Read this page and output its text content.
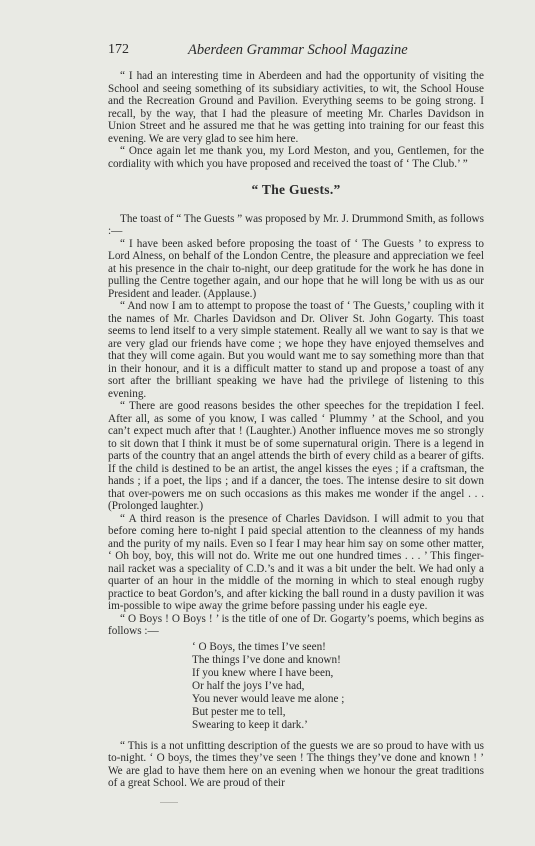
172	Aberdeen Grammar School Magazine

“ I had an interesting time in Aberdeen and had the opportunity of visiting the School and seeing something of its subsidiary activities, to wit, the School House and the Recreation Ground and Pavilion. Everything seems to be going strong. I recall, by the way, that I had the pleasure of meeting Mr. Charles Davidson in Union Street and he assured me that he was getting into training for our feast this evening. We are very glad to see him here.

“ Once again let me thank you, my Lord Meston, and you, Gentlemen, for the cordiality with which you have proposed and received the toast of ‘ The Club.’ ”

“ The Guests.”

The toast of “ The Guests ” was proposed by Mr. J. Drummond Smith, as follows :—

“ I have been asked before proposing the toast of ‘ The Guests ’ to express to Lord Alness, on behalf of the London Centre, the pleasure and appreciation we feel at his presence in the chair to-night, our deep gratitude for the work he has done in pulling the Centre together again, and our hope that he will long be with us as our President and leader. (Applause.)

“ And now I am to attempt to propose the toast of ‘ The Guests,’ coupling with it the names of Mr. Charles Davidson and Dr. Oliver St. John Gogarty. This toast seems to lend itself to a very simple statement. Really all we want to say is that we are very glad our friends have come ; we hope they have enjoyed themselves and that they will come again. But you would want me to say something more than that in their honour, and it is a difficult matter to stand up and propose a toast of any sort after the brilliant speaking we have had the privilege of listening to this evening.

“ There are good reasons besides the other speeches for the trepidation I feel. After all, as some of you know, I was called ‘ Plummy ’ at the School, and you can’t expect much after that ! (Laughter.) Another influence moves me so strongly to sit down that I think it must be of some supernatural origin. There is a legend in parts of the country that an angel attends the birth of every child as a bearer of gifts. If the child is destined to be an artist, the angel kisses the eyes ; if a craftsman, the hands ; if a poet, the lips ; and if a dancer, the toes. The intense desire to sit down that over-powers me on such occasions as this makes me wonder if the angel . . . (Prolonged laughter.)

“ A third reason is the presence of Charles Davidson. I will admit to you that before coming here to-night I paid special attention to the cleanness of my hands and the purity of my nails. Even so I fear I may hear him say on some other matter, ‘ Oh boy, boy, this will not do. Write me out one hundred times . . . ’ This finger-nail racket was a speciality of C.D.’s and it was a bit under the belt. We had only a quarter of an hour in the middle of the morning in which to steal enough rugby practice to beat Gordon’s, and after kicking the ball round in a dusty pavilion it was im-possible to wipe away the grime before passing under his eagle eye.

“ O Boys ! O Boys ! ’ is the title of one of Dr. Gogarty’s poems, which begins as follows :—

‘ O Boys, the times I’ve seen!
The things I’ve done and known!
If you knew where I have been,
Or half the joys I’ve had,
You never would leave me alone ;
But pester me to tell,
Swearing to keep it dark.’

“ This is a not unfitting description of the guests we are so proud to have with us to-night. ‘ O boys, the times they’ve seen ! The things they’ve done and known ! ’ We are glad to have them here on an evening when we honour the great traditions of a great School. We are proud of their
